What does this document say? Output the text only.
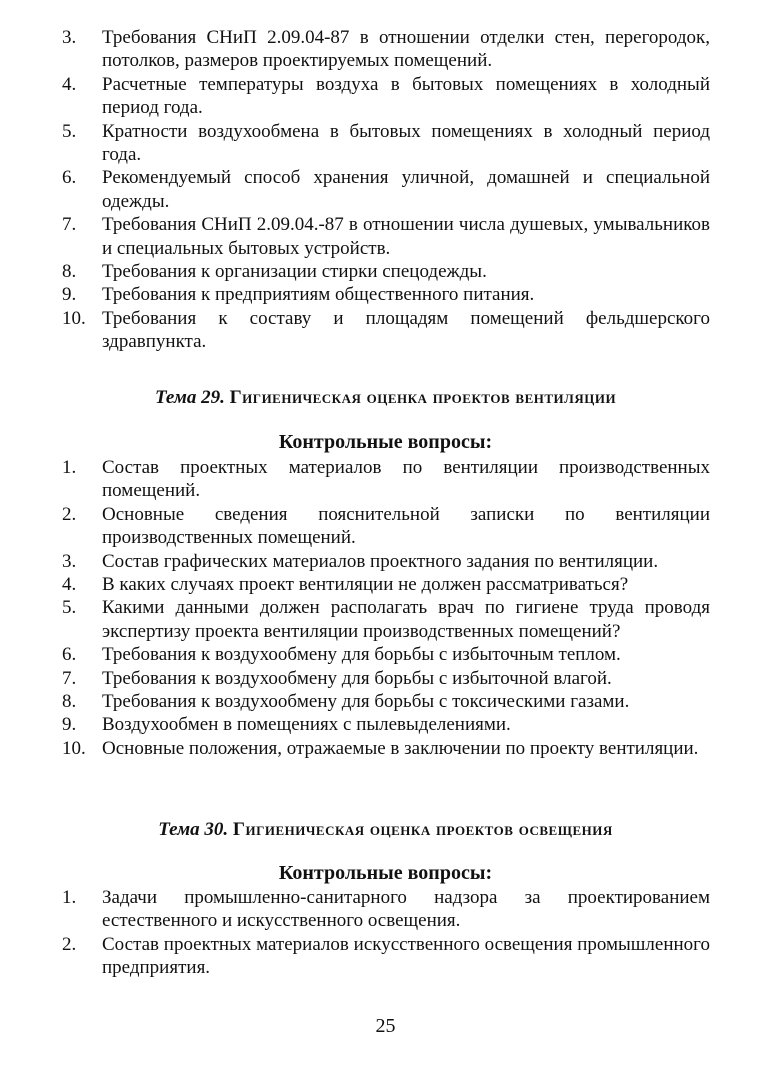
3.	Требования СНиП 2.09.04-87 в отношении отделки стен, перегородок, потолков, размеров проектируемых помещений.
4.	Расчетные температуры воздуха в бытовых помещениях в холодный период года.
5.	Кратности воздухообмена в бытовых помещениях в холодный период года.
6.	Рекомендуемый способ хранения уличной, домашней и специальной одежды.
7.	Требования СНиП 2.09.04.-87 в отношении числа душевых, умывальников и специальных бытовых устройств.
8.	Требования к организации стирки спецодежды.
9.	Требования к предприятиям общественного питания.
10. Требования к составу и площадям помещений фельдшерского здравпункта.
Тема 29. Гигиеническая оценка проектов вентиляции
Контрольные вопросы:
1.	Состав проектных материалов по вентиляции производственных помещений.
2.	Основные сведения пояснительной записки по вентиляции производственных помещений.
3.	Состав графических материалов проектного задания по вентиляции.
4.	В каких случаях проект вентиляции не должен рассматриваться?
5.	Какими данными должен располагать врач по гигиене труда проводя экспертизу проекта вентиляции производственных помещений?
6.	Требования к воздухообмену для борьбы с избыточным теплом.
7.	Требования к воздухообмену для борьбы с избыточной влагой.
8.	Требования к воздухообмену для борьбы с токсическими газами.
9.	Воздухообмен в помещениях с пылевыделениями.
10. Основные положения, отражаемые в заключении по проекту вентиляции.
Тема 30. Гигиеническая оценка проектов освещения
Контрольные вопросы:
1.	Задачи промышленно-санитарного надзора за проектированием естественного и искусственного освещения.
2.	Состав проектных материалов искусственного освещения промышленного предприятия.
25
